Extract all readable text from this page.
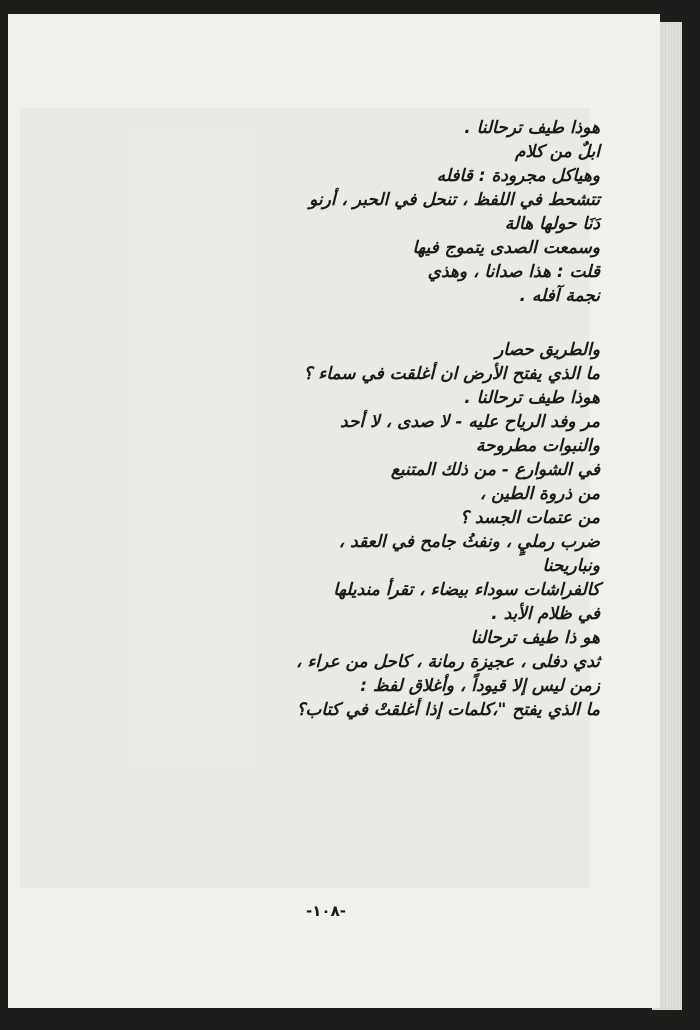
هوذا طيف ترحالنا .
ابلٌ من كلام
وهياكل مجرودة : قافله
تتشحط في اللفظ ، تنحل في الحبر ، أرنو
دَنَا حولها هالة
وسمعت الصدى يتموج فيها
قلت : هذا صدانا ، وهذي
نجمة آفله .
والطريق حصار
ما الذي يفتح الأرض ان أغلقت في سماء ؟
هوذا طيف ترحالنا .
مر وفد الرياح عليه - لا صدى ، لا أحد
والنبوات مطروحة
في الشوارع - من ذلك المتنبع
من ذروة الطين ،
من عتمات الجسد ؟
ضرب رمليٍ ، ونفثُ جامح في العقد ،
ونباريحنا
كالفراشات سوداء بيضاء ، تقرأ منديلها
في ظلام الأبد .
هو ذا طيف ترحالنا
ثدي دفلى ، عجيزة رمانة ، كاحل من عراء ،
زمن ليس إلا قيوداً ، وأغلاق لفظ :
ما الذي يفتح "،كلمات إذا أغلقتْ في كتاب؟
-١٠٨-
